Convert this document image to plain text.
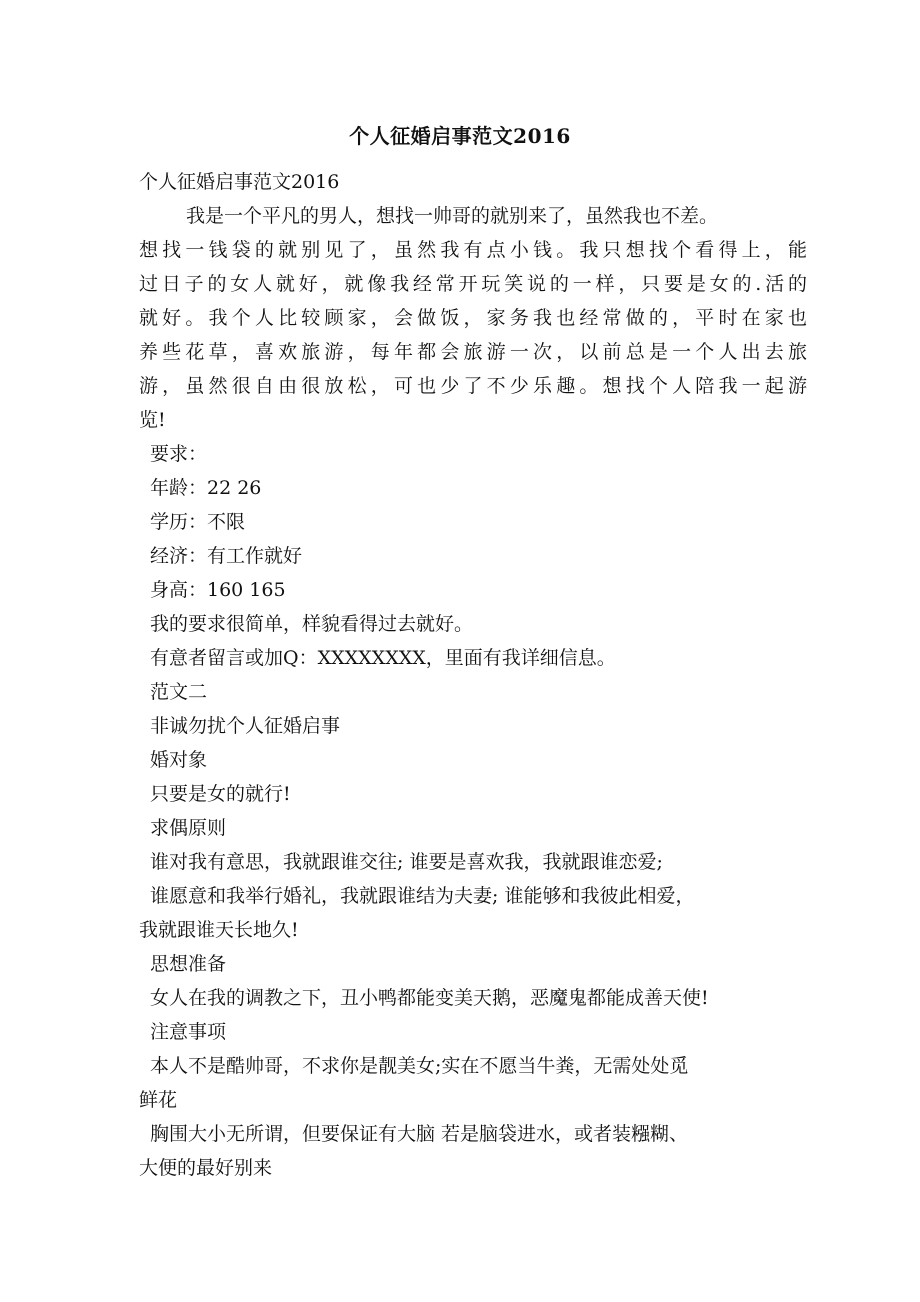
个人征婚启事范文2016
个人征婚启事范文2016
我是一个平凡的男人，想找一帅哥的就别来了，虽然我也不差。
想找一钱袋的就别见了，虽然我有点小钱。我只想找个看得上，能
过日子的女人就好，就像我经常开玩笑说的一样，只要是女的.活的
就好。我个人比较顾家，会做饭，家务我也经常做的，平时在家也
养些花草，喜欢旅游，每年都会旅游一次，以前总是一个人出去旅
游，虽然很自由很放松，可也少了不少乐趣。想找个人陪我一起游
览!
要求：
年龄：22 26
学历：不限
经济：有工作就好
身高：160 165
我的要求很简单，样貌看得过去就好。
有意者留言或加Q：XXXXXXXX，里面有我详细信息。
范文二
非诚勿扰个人征婚启事
婚对象
只要是女的就行!
求偶原则
谁对我有意思，我就跟谁交往; 谁要是喜欢我，我就跟谁恋爱;
谁愿意和我举行婚礼，我就跟谁结为夫妻; 谁能够和我彼此相爱，
我就跟谁天长地久!
思想准备
女人在我的调教之下，丑小鸭都能变美天鹅，恶魔鬼都能成善天使!
注意事项
本人不是酷帅哥，不求你是靓美女;实在不愿当牛粪，无需处处觅
鲜花
胸围大小无所谓，但要保证有大脑 若是脑袋进水，或者装糨糊、
大便的最好别来
